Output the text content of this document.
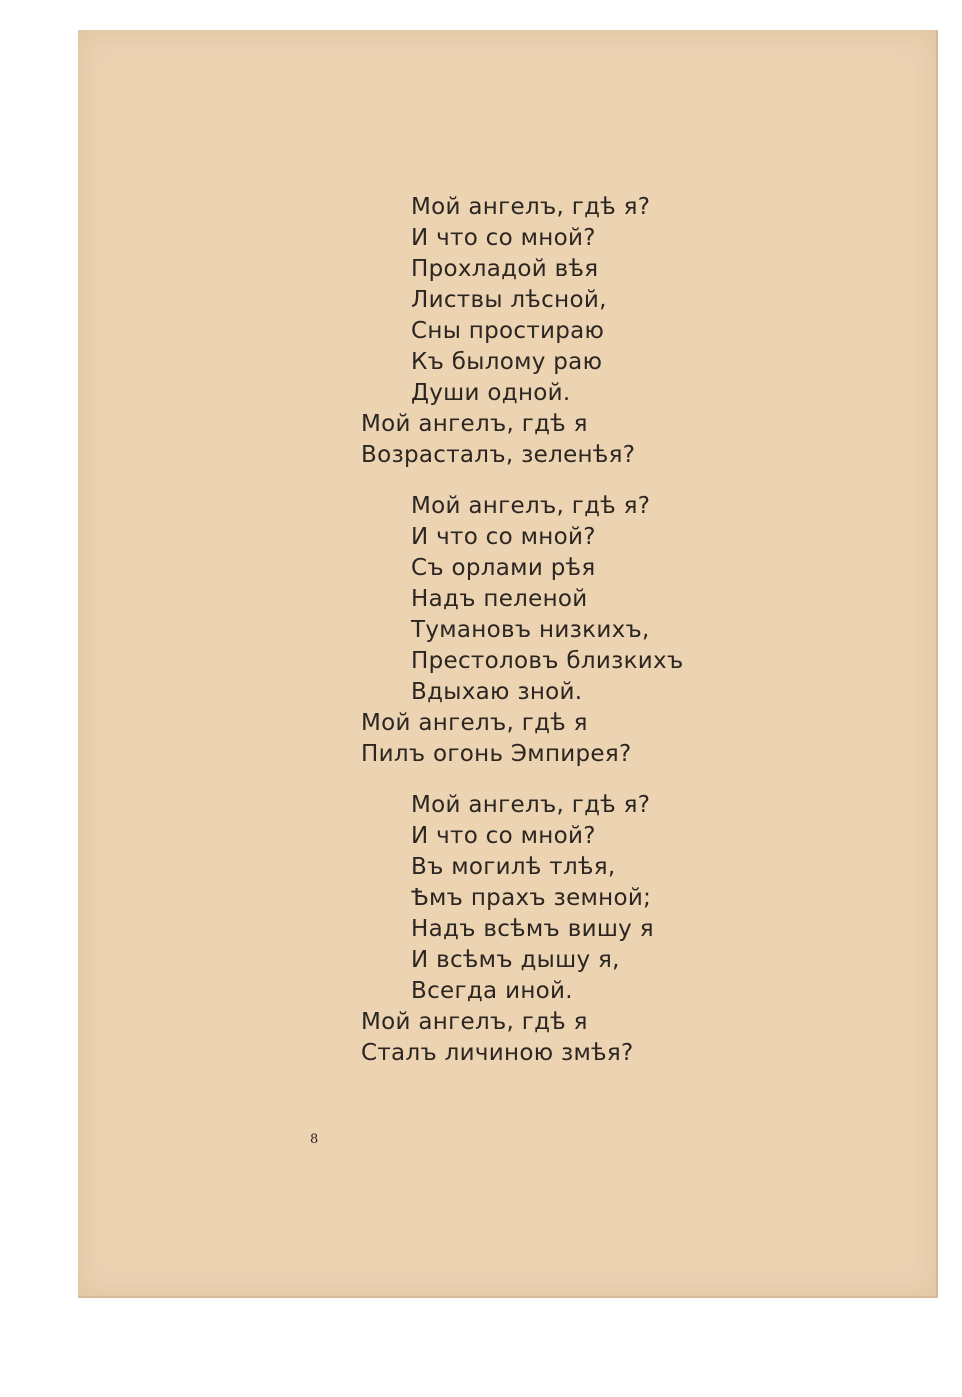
Мой ангелъ, гдѣ я?
И что со мной?
Прохладой вѣя
Листвы лѣсной,
Сны простираю
Къ былому раю
Души одной.
Мой ангелъ, гдѣ я
Возрасталъ, зеленѣя?
Мой ангелъ, гдѣ я?
И что со мной?
Съ орлами рѣя
Надъ пеленой
Тумановъ низкихъ,
Престоловъ близкихъ
Вдыхаю зной.
Мой ангелъ, гдѣ я
Пилъ огонь Эмпирея?
Мой ангелъ, гдѣ я?
И что со мной?
Въ могилѣ тлѣя,
Ѣмъ прахъ земной;
Надъ всѣмъ вишу я
И всѣмъ дышу я,
Всегда иной.
Мой ангелъ, гдѣ я
Сталъ личиною змѣя?
8
